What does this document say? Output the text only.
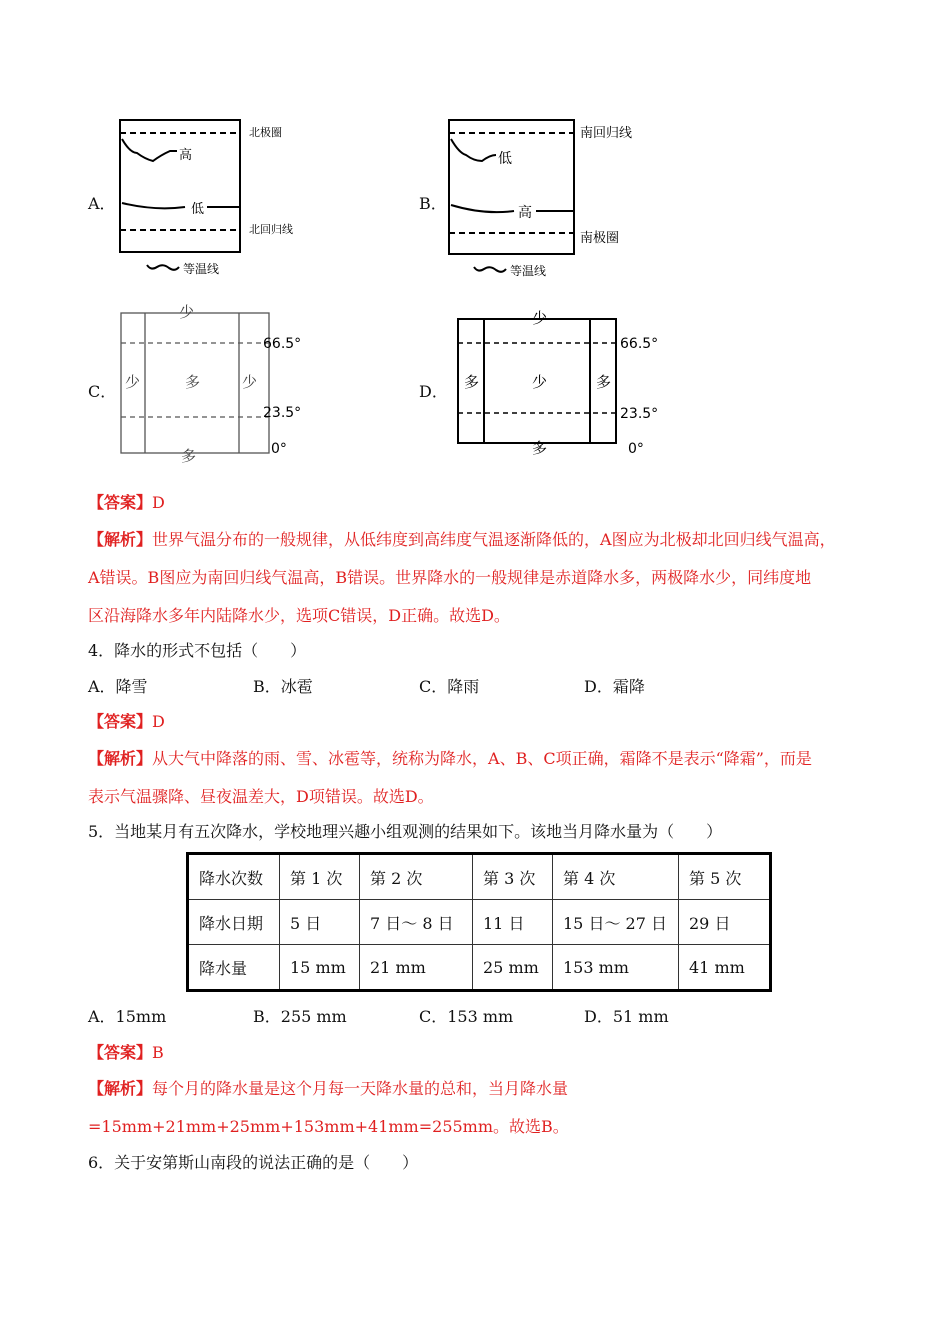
A．
高
低
北极圈
北回归线
等温线
B．
低
高
南回归线
南极圈
等温线
C．
少
少	多	少
多
66.5°
23.5°
0°
D．
少
多	少	多
多
66.5°
23.5°
0°
【答案】D
【解析】世界气温分布的一般规律，从低纬度到高纬度气温逐渐降低的，A图应为北极却北回归线气温高，
A错误。B图应为南回归线气温高，B错误。世界降水的一般规律是赤道降水多，两极降水少，同纬度地
区沿海降水多年内陆降水少，选项C错误，D正确。故选D。
4．降水的形式不包括（　　）
A．降雪	B．冰雹	C．降雨	D．霜降
【答案】D
【解析】从大气中降落的雨、雪、冰雹等，统称为降水，A、B、C项正确，霜降不是表示“降霜”，而是
表示气温骤降、昼夜温差大，D项错误。故选D。
5．当地某月有五次降水，学校地理兴趣小组观测的结果如下。该地当月降水量为（　　）
降水次数	第 1 次	第 2 次	第 3 次	第 4 次	第 5 次
降水日期	5 日	7 日～ 8 日	11 日	15 日～ 27 日	29 日
降水量	15 mm	21 mm	25 mm	153 mm	41 mm
A．15mm	B．255 mm	C．153 mm	D．51 mm
【答案】B
【解析】每个月的降水量是这个月每一天降水量的总和，当月降水量
=15mm+21mm+25mm+153mm+41mm=255mm。故选B。
6．关于安第斯山南段的说法正确的是（　　）
